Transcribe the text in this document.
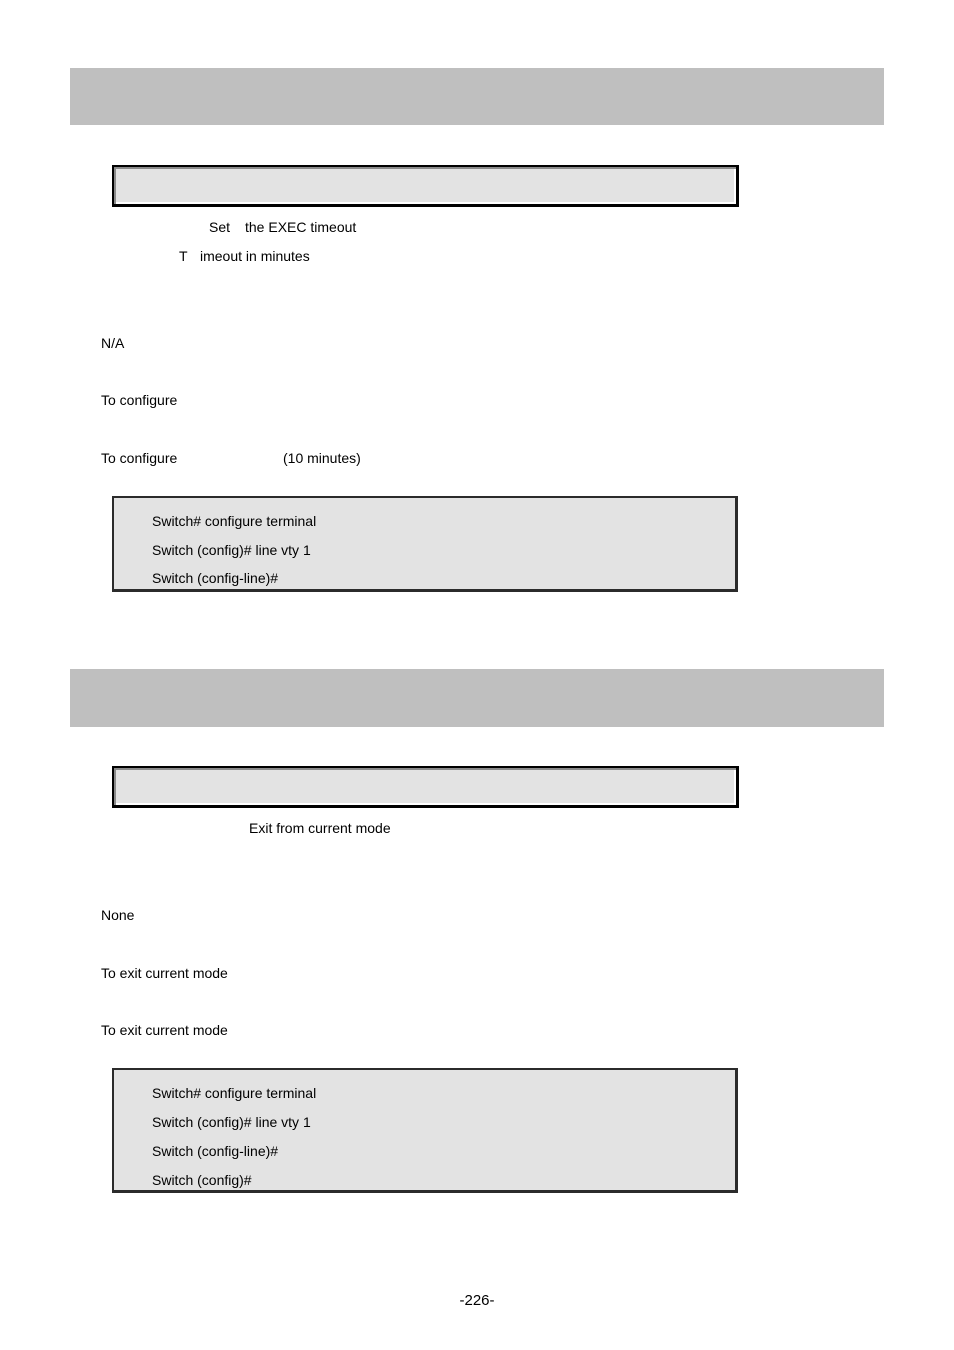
Set the EXEC timeout
T imeout in minutes
N/A
To configure
To configure	(10 minutes)
Switch# configure terminal
Switch (config)# line vty 1
Switch (config-line)#
Exit from current mode
None
To exit current mode
To exit current mode
Switch# configure terminal
Switch (config)# line vty 1
Switch (config-line)#
Switch (config)#
-226-
